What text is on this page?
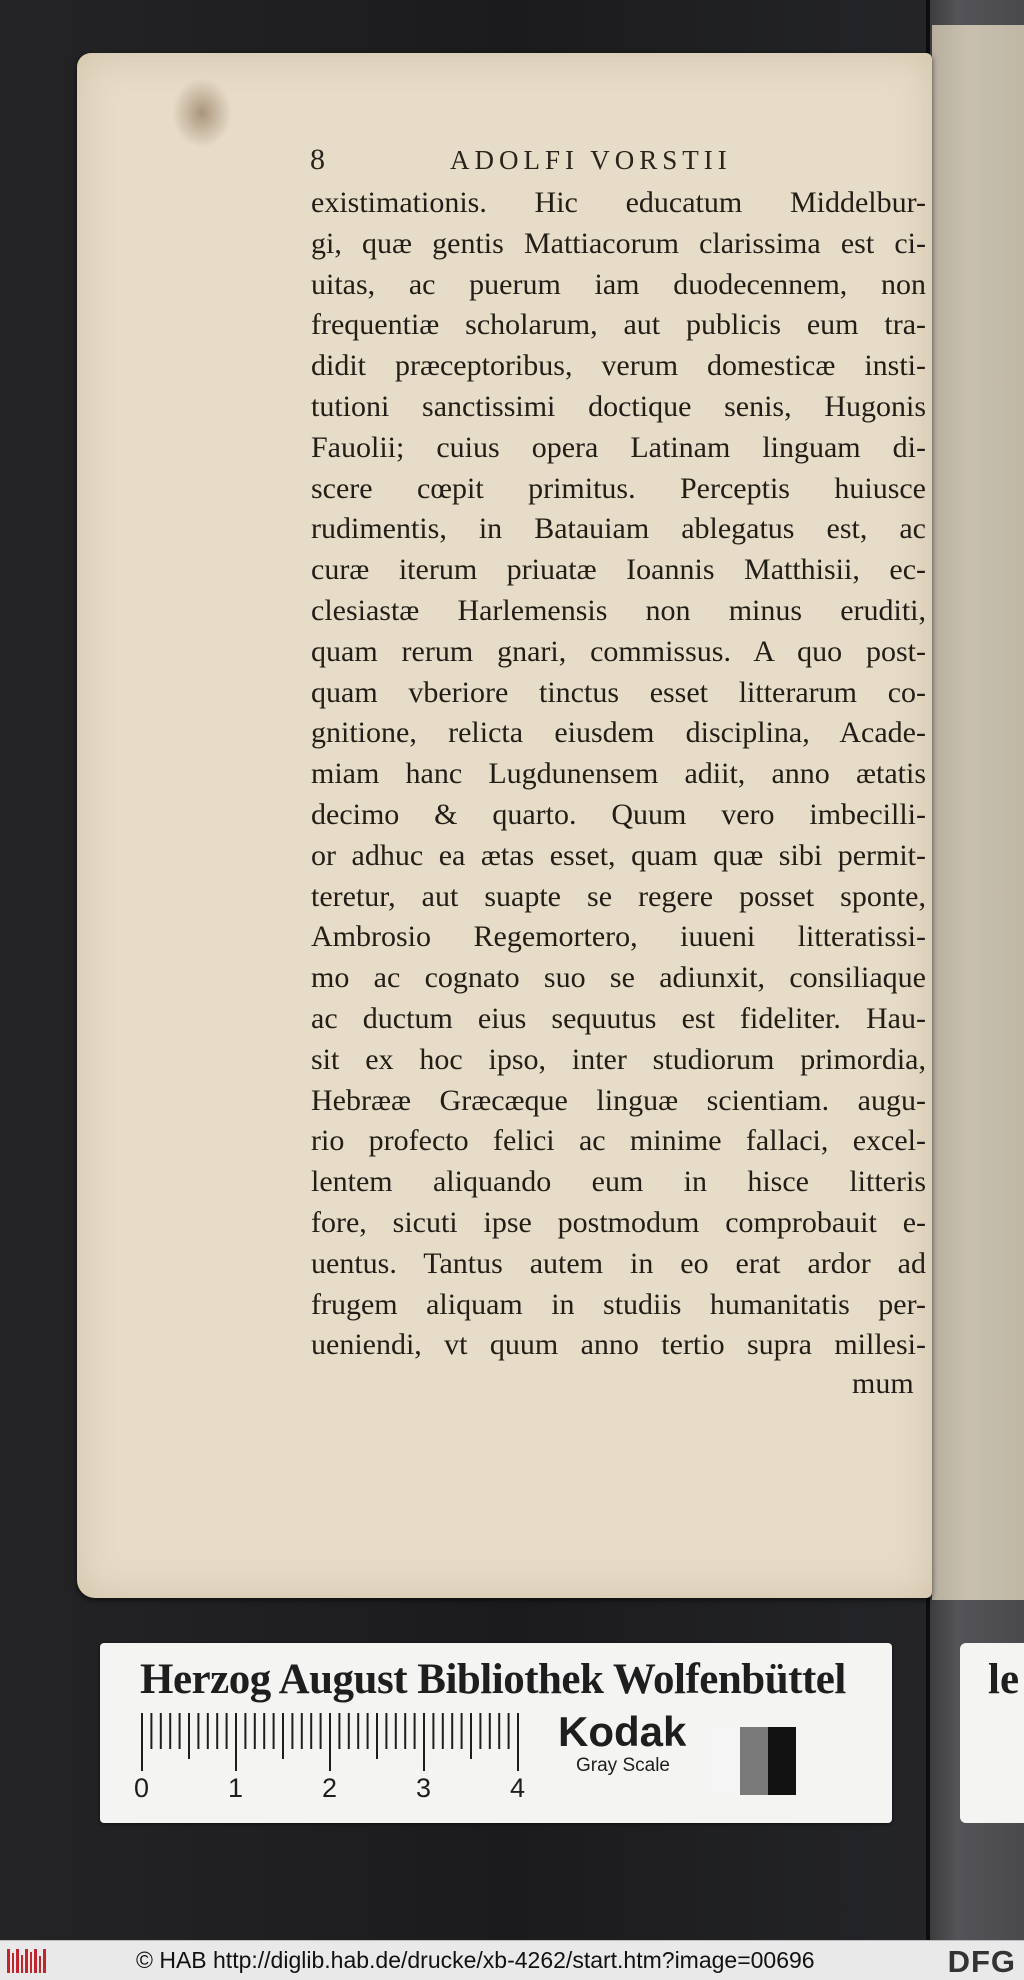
8	ADOLFI VORSTII
existimationis. Hic educatum Middelbur-
gi, quæ gentis Mattiacorum clarissima est ci-
uitas, ac puerum iam duodecennem, non
frequentiæ scholarum, aut publicis eum tra-
didit præceptoribus, verum domesticæ insti-
tutioni sanctissimi doctique senis, Hugonis
Fauolii; cuius opera Latinam linguam di-
scere cœpit primitus. Perceptis huiusce
rudimentis, in Batauiam ablegatus est, ac
curæ iterum priuatæ Ioannis Matthisii, ec-
clesiastæ Harlemensis non minus eruditi,
quam rerum gnari, commissus. A quo post-
quam vberiore tinctus esset litterarum co-
gnitione, relicta eiusdem disciplina, Acade-
miam hanc Lugdunensem adiit, anno ætatis
decimo & quarto. Quum vero imbecilli-
or adhuc ea ætas esset, quam quæ sibi permit-
teretur, aut suapte se regere posset sponte,
Ambrosio Regemortero, iuueni litteratissi-
mo ac cognato suo se adiunxit, consiliaque
ac ductum eius sequutus est fideliter. Hau-
sit ex hoc ipso, inter studiorum primordia,
Hebrææ Græcæque linguæ scientiam. augu-
rio profecto felici ac minime fallaci, excel-
lentem aliquando eum in hisce litteris
fore, sicuti ipse postmodum comprobauit e-
uentus. Tantus autem in eo erat ardor ad
frugem aliquam in studiis humanitatis per-
ueniendi, vt quum anno tertio supra millesi-
mum
Herzog August Bibliothek Wolfenbüttel
0	1	2	3	4
Kodak
Gray Scale
le
© HAB http://diglib.hab.de/drucke/xb-4262/start.htm?image=00696	DFG
